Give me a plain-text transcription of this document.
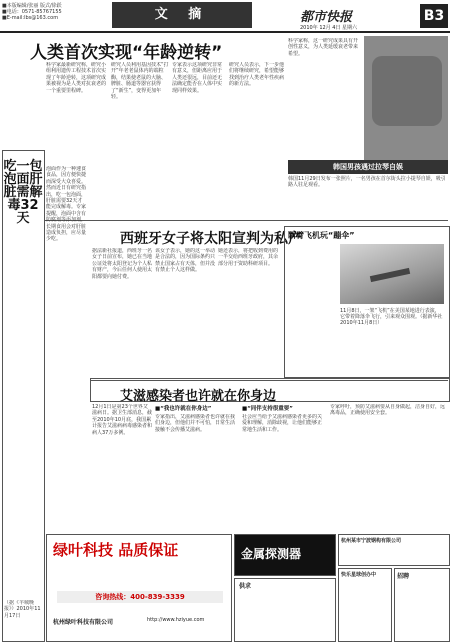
■本版编辑/张丽 版式/徐跃
■电话：0571-85767155
■E-mail:lbs@163.com	文 摘	都市快报	B3
2010年 12月 4日 星期六
人类首次实现“年龄逆转”
科学家最新研究称，研究小组利用遗传工程技术首次实现了年龄逆转，这项研究成果被视为是人类对抗衰老的一个重要里程碑。
研究人员利用基因技术“打开”年老老鼠体内的端粒酶，结果使老鼠的大脑、脾脏、肠道等器官获得了“新生”，变得更加年轻。
专家表示这项研究非常有意义，但距离应用于人类还很远，目前还无法确定能否在人体中实现同样效果。
研究人员表示，下一步他们将继续研究，希望能够找到治疗人类老年性疾病的新方法。
科学家称，这一研究成果具有开创性意义，为人类延缓衰老带来希望。
韩国男孩遇过拉琴自娱
韩国11月29日发布一张照片，一名男孩在首尔街头拉小提琴自娱，吸引路人驻足观看。
吃一包泡面肝脏需解毒32天
泡面作为一种速食食品，因方便快捷而深受大众喜爱。然而近日有研究指出，吃一包泡面，肝脏需要32天才能完成解毒。专家提醒，泡面中含有防腐剂等添加剂，长期食用会对肝脏造成负担，应尽量少吃。
（据《羊城晚报》）2010年11月17日
西班牙女子将太阳宣判为私产
据法新社报道，西班牙一名女子日前宣布，她已在当地公证处将太阳登记为个人私有财产，今后任何人使用太阳都要向她付费。
该女子表示，她的这一举动是合法的，因为国际条约只禁止国家占有天体，但并没有禁止个人这样做。
她还表示，将把收到费用的一半交给西班牙政府，其余部分用于资助科研项目。
断臂飞机玩“蹦伞”
11月8日，一架“飞机”在美国某地进行表演，它带着降落伞飞行，引来观众围观。（据新华社 2010年11月8日）
艾滋感染者也许就在你身边
12月1日是第23个世界艾滋病日。据卫生部消息，截至2010年10月底，我国累计报告艾滋病病毒感染者和病人37万多例。
■“我也许就在你身边”
专家指出，艾滋病感染者也许就在我们身边，但他们并不可怕，日常生活接触不会传播艾滋病。
■“同伴支持很重要”
社会应当给予艾滋病感染者更多的关爱和理解，消除歧视，让他们能够正常地生活和工作。
专家呼吁，预防艾滋病要从自身做起，洁身自好，远离毒品，正确使用安全套。
绿叶科技 品质保证
咨询热线：400-839-3339
杭州绿叶科技有限公司	http://www.hziyue.com
金属探测器
杭州某市宁波钢构有限公司
供求
快乐星球创办中	招聘
